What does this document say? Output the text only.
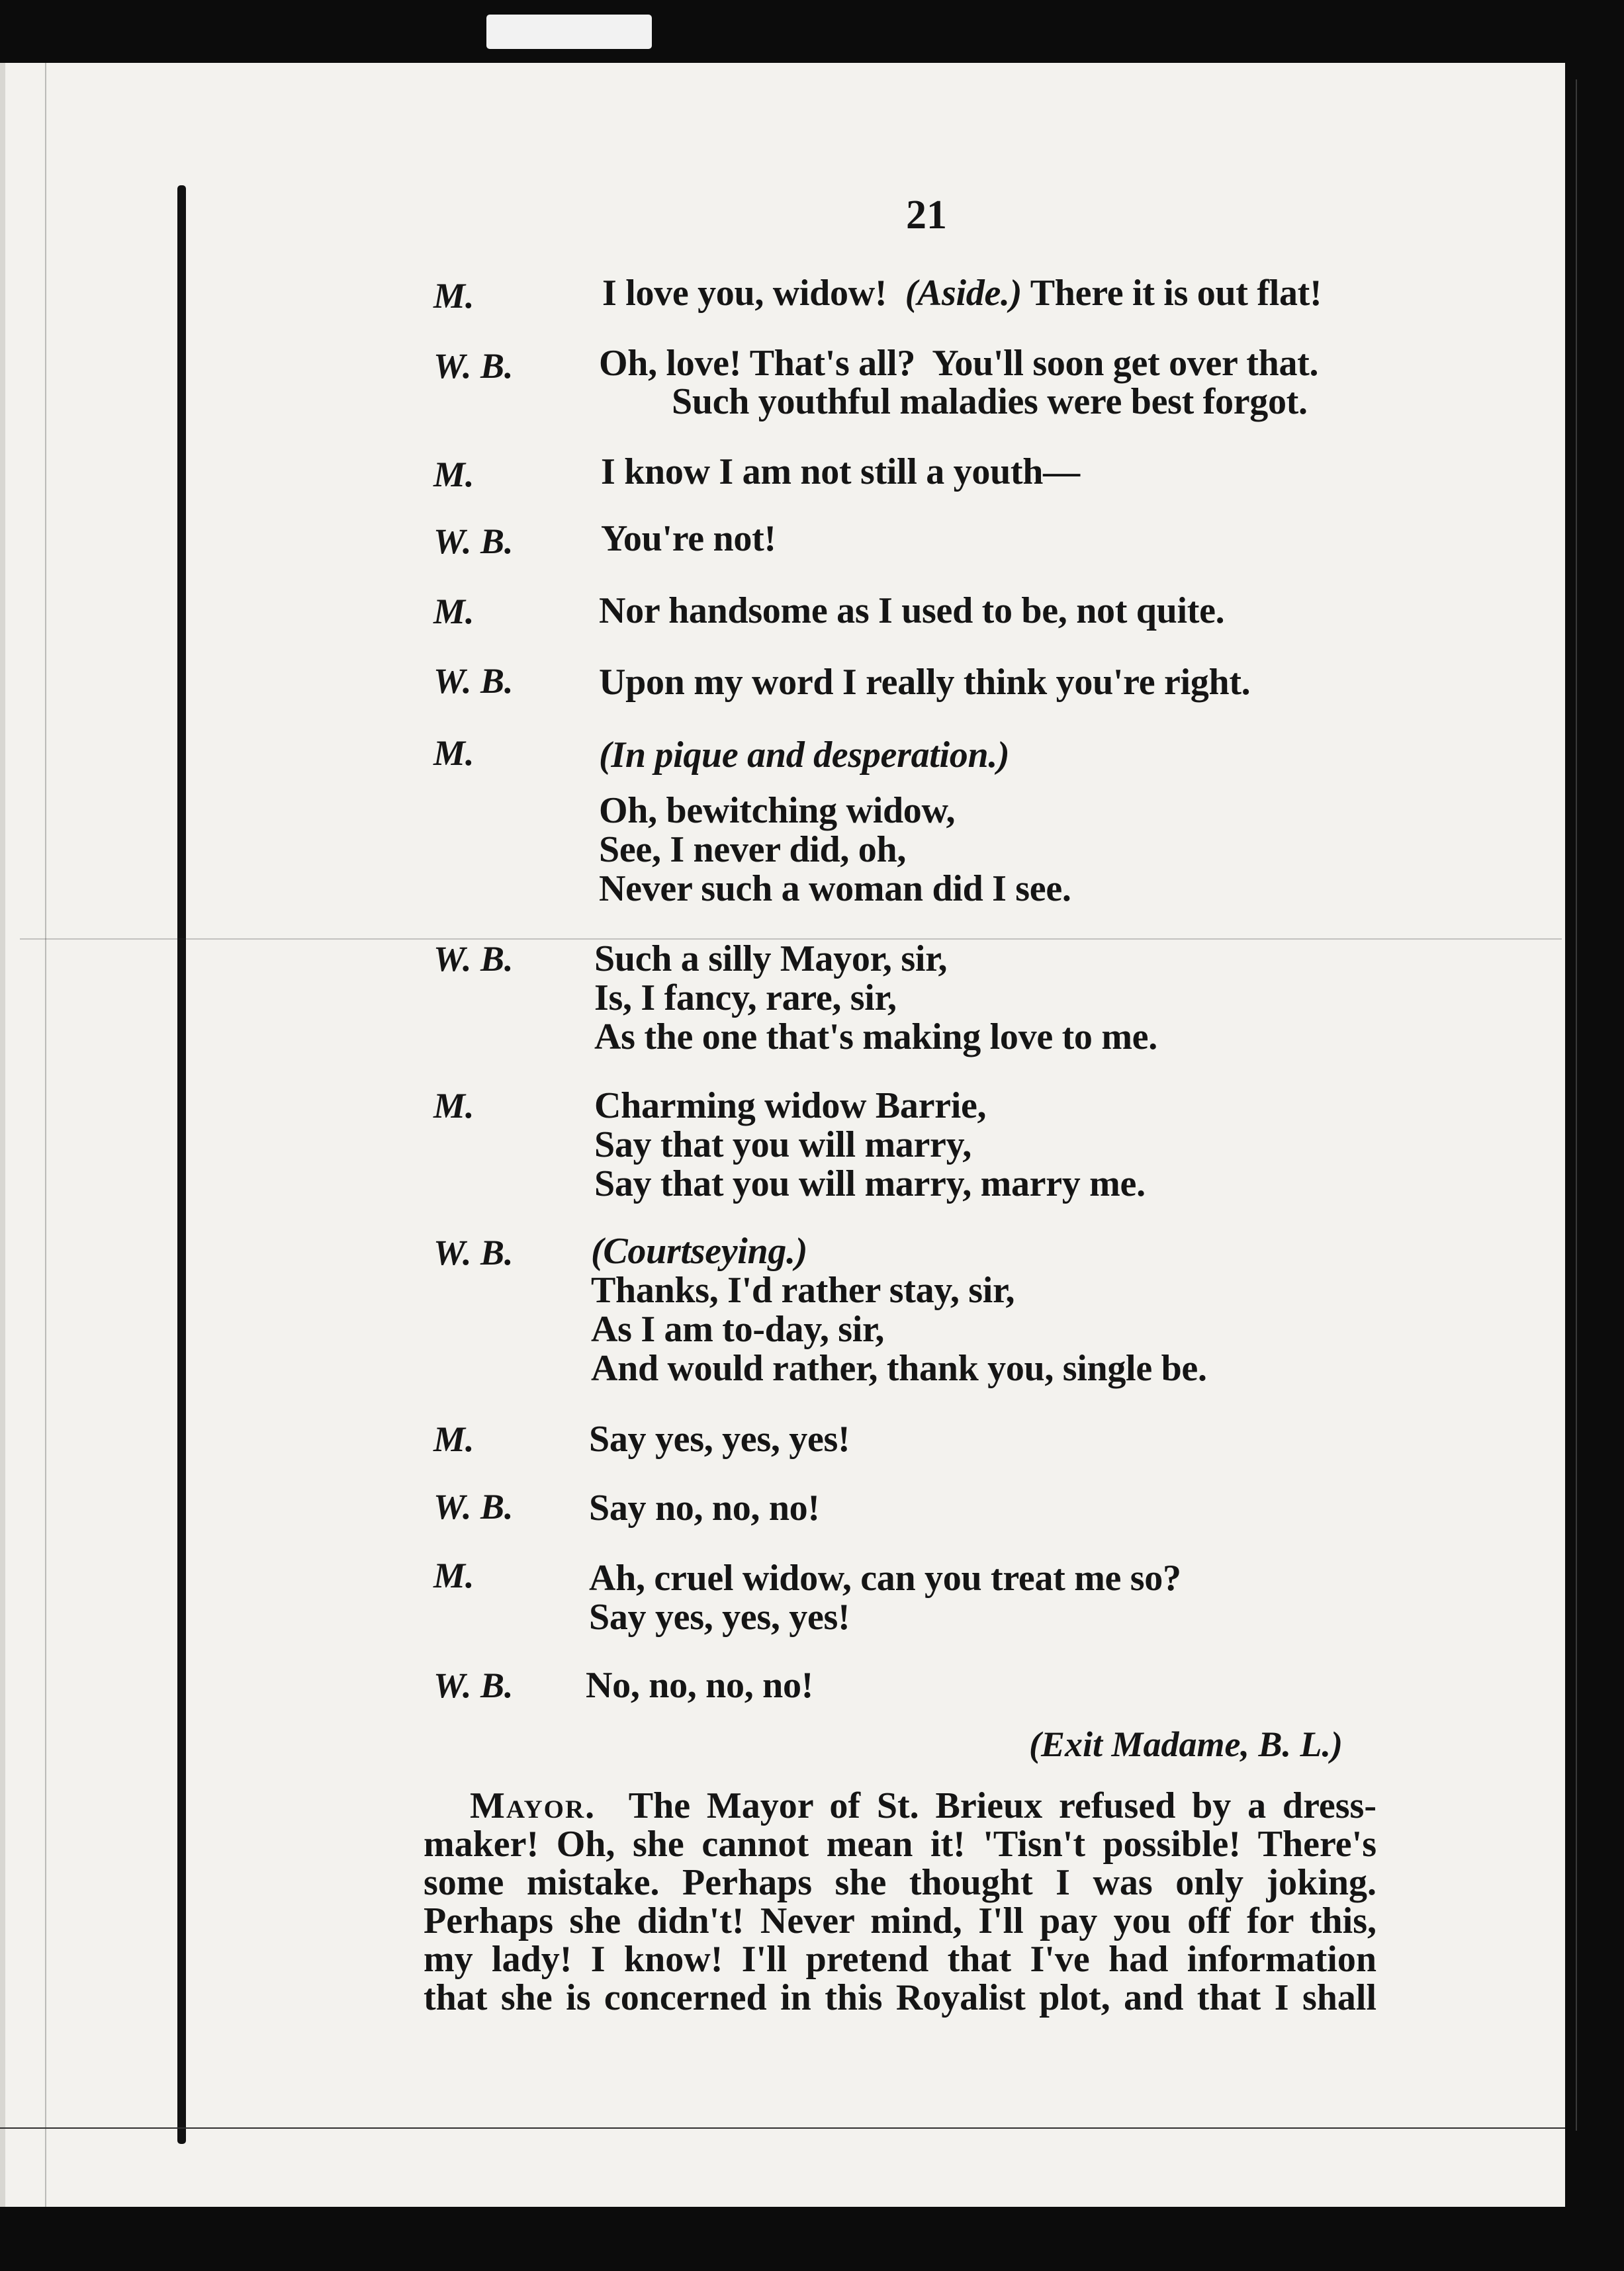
21
M.	I love you, widow!  (Aside.) There it is out flat!
W. B. Oh, love! That's all?  You'll soon get over that.
Such youthful maladies were best forgot.
M.	I know I am not still a youth—
W. B. You're not!
M.	Nor handsome as I used to be, not quite.
W. B. Upon my word I really think you're right.
M.	(In pique and desperation.)
Oh, bewitching widow,
See, I never did, oh,
Never such a woman did I see.
W. B. Such a silly Mayor, sir,
Is, I fancy, rare, sir,
As the one that's making love to me.
M.	Charming widow Barrie,
Say that you will marry,
Say that you will marry, marry me.
W. B. (Courtseying.)
Thanks, I'd rather stay, sir,
As I am to-day, sir,
And would rather, thank you, single be.
M.	Say yes, yes, yes!
W. B. Say no, no, no!
M.	Ah, cruel widow, can you treat me so?
Say yes, yes, yes!
W. B. No, no, no, no!
(Exit Madame, B. L.)
Mayor. The Mayor of St. Brieux refused by a dress-
maker! Oh, she cannot mean it! 'Tisn't possible! There's
some mistake. Perhaps she thought I was only joking.
Perhaps she didn't! Never mind, I'll pay you off for this,
my lady! I know! I'll pretend that I've had information
that she is concerned in this Royalist plot, and that I shall
